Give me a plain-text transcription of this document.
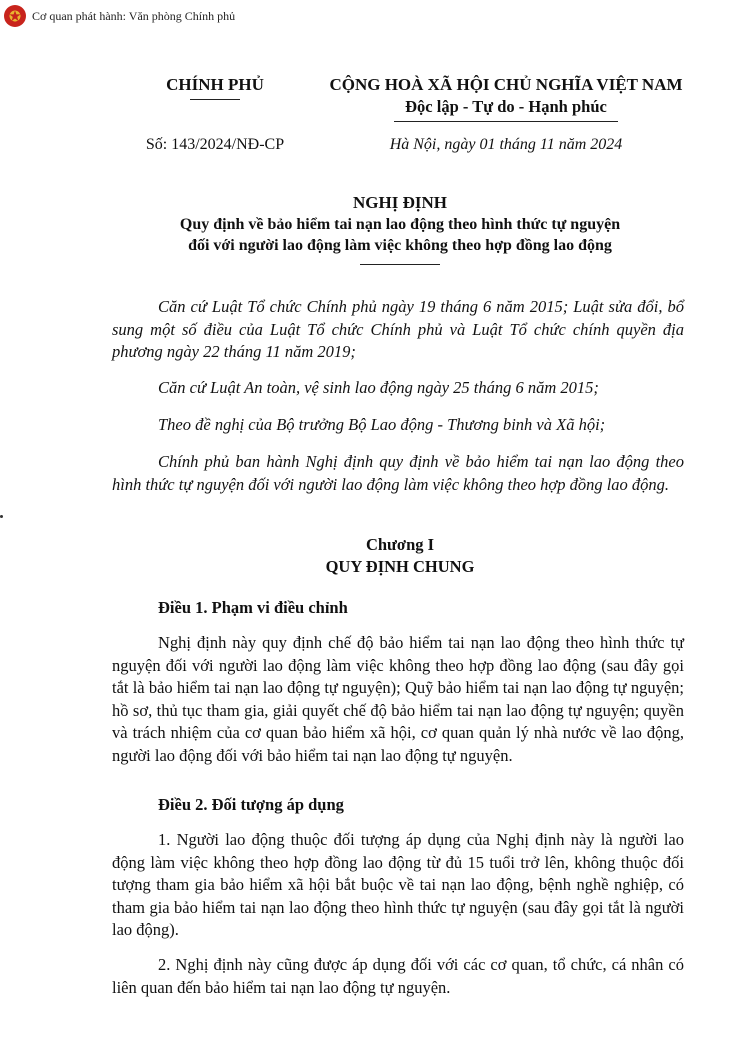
Cơ quan phát hành: Văn phòng Chính phủ
CHÍNH PHỦ	CỘNG HOÀ XÃ HỘI CHỦ NGHĨA VIỆT NAM
Độc lập - Tự do - Hạnh phúc
Số: 143/2024/NĐ-CP	Hà Nội, ngày 01 tháng 11 năm 2024
NGHỊ ĐỊNH
Quy định về bảo hiểm tai nạn lao động theo hình thức tự nguyện
đối với người lao động làm việc không theo hợp đồng lao động
Căn cứ Luật Tổ chức Chính phủ ngày 19 tháng 6 năm 2015; Luật sửa đổi, bổ sung một số điều của Luật Tổ chức Chính phủ và Luật Tổ chức chính quyền địa phương ngày 22 tháng 11 năm 2019;
Căn cứ Luật An toàn, vệ sinh lao động ngày 25 tháng 6 năm 2015;
Theo đề nghị của Bộ trưởng Bộ Lao động - Thương binh và Xã hội;
Chính phủ ban hành Nghị định quy định về bảo hiểm tai nạn lao động theo hình thức tự nguyện đối với người lao động làm việc không theo hợp đồng lao động.
Chương I
QUY ĐỊNH CHUNG
Điều 1. Phạm vi điều chỉnh
Nghị định này quy định chế độ bảo hiểm tai nạn lao động theo hình thức tự nguyện đối với người lao động làm việc không theo hợp đồng lao động (sau đây gọi tắt là bảo hiểm tai nạn lao động tự nguyện); Quỹ bảo hiểm tai nạn lao động tự nguyện; hồ sơ, thủ tục tham gia, giải quyết chế độ bảo hiểm tai nạn lao động tự nguyện; quyền và trách nhiệm của cơ quan bảo hiểm xã hội, cơ quan quản lý nhà nước về lao động, người lao động đối với bảo hiểm tai nạn lao động tự nguyện.
Điều 2. Đối tượng áp dụng
1. Người lao động thuộc đối tượng áp dụng của Nghị định này là người lao động làm việc không theo hợp đồng lao động từ đủ 15 tuổi trở lên, không thuộc đối tượng tham gia bảo hiểm xã hội bắt buộc về tai nạn lao động, bệnh nghề nghiệp, có tham gia bảo hiểm tai nạn lao động theo hình thức tự nguyện (sau đây gọi tắt là người lao động).
2. Nghị định này cũng được áp dụng đối với các cơ quan, tổ chức, cá nhân có liên quan đến bảo hiểm tai nạn lao động tự nguyện.
